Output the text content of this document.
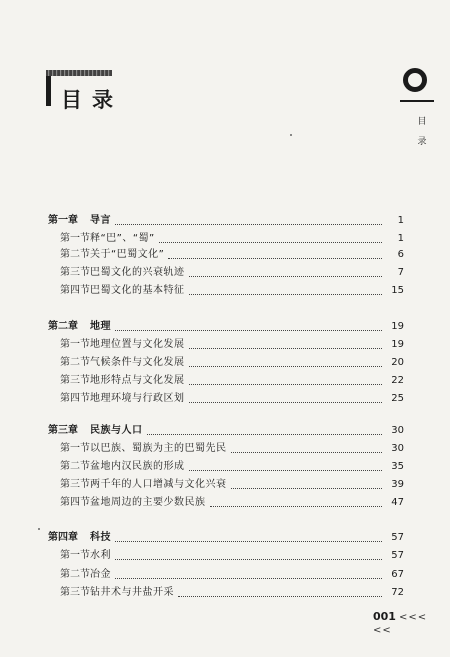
目录
目录
第一章 导言	1
第一节释“巴”、“蜀”	1
第二节关于“巴蜀文化”	6
第三节巴蜀文化的兴衰轨迹	7
第四节巴蜀文化的基本特征	15
第二章 地理	19
第一节地理位置与文化发展	19
第二节气候条件与文化发展	20
第三节地形特点与文化发展	22
第四节地理环境与行政区划	25
第三章 民族与人口	30
第一节以巴族、蜀族为主的巴蜀先民	30
第二节盆地内汉民族的形成	35
第三节两千年的人口增减与文化兴衰	39
第四节盆地周边的主要少数民族	47
第四章 科技	57
第一节水利	57
第二节冶金	67
第三节钻井术与井盐开采	72
001 <<< <<
